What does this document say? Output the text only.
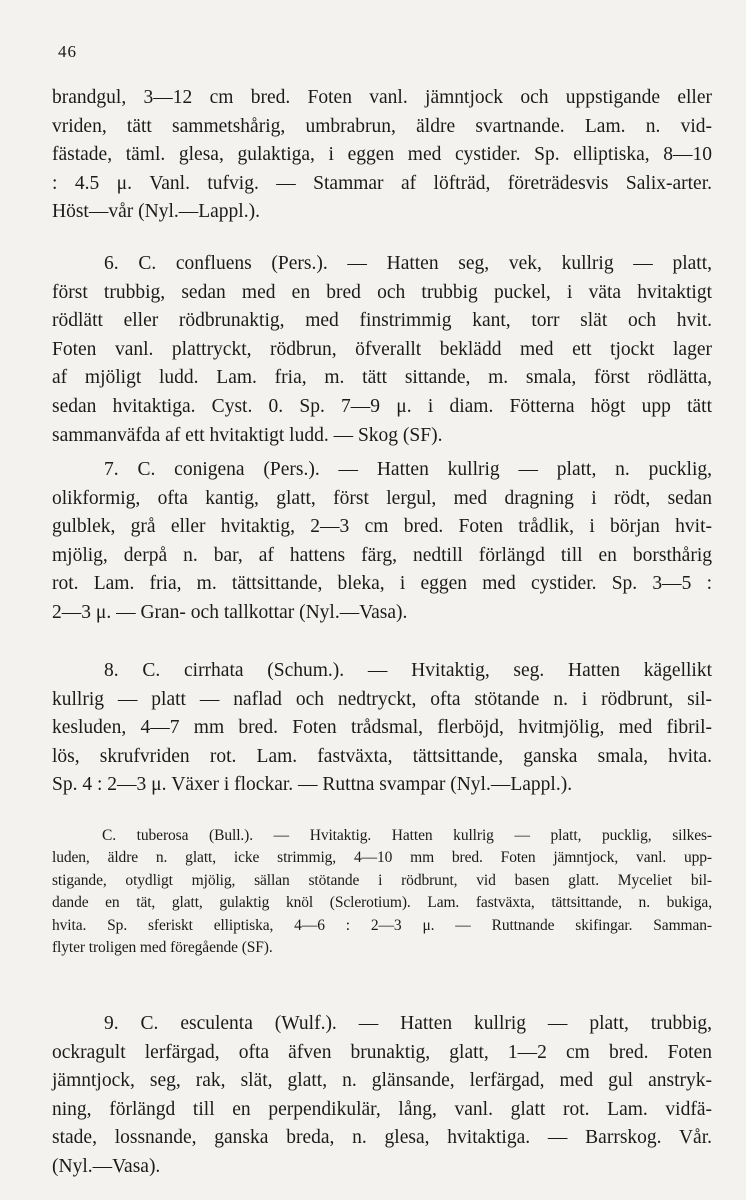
46
brandgul, 3—12 cm bred. Foten vanl. jämntjock och uppstigande eller
vriden, tätt sammetshårig, umbrabrun, äldre svartnande. Lam. n. vid-
fästade, täml. glesa, gulaktiga, i eggen med cystider. Sp. elliptiska, 8—10
: 4.5 μ. Vanl. tufvig. — Stammar af löfträd, företrädesvis Salix-arter.
Höst—vår (Nyl.—Lappl.).
6. C. confluens (Pers.). — Hatten seg, vek, kullrig — platt,
först trubbig, sedan med en bred och trubbig puckel, i väta hvitaktigt
rödlätt eller rödbrunaktig, med finstrimmig kant, torr slät och hvit.
Foten vanl. plattryckt, rödbrun, öfverallt beklädd med ett tjockt lager
af mjöligt ludd. Lam. fria, m. tätt sittande, m. smala, först rödlätta,
sedan hvitaktiga. Cyst. 0. Sp. 7—9 μ. i diam. Fötterna högt upp tätt
sammanväfda af ett hvitaktigt ludd. — Skog (SF).
7. C. conigena (Pers.). — Hatten kullrig — platt, n. pucklig,
olikformig, ofta kantig, glatt, först lergul, med dragning i rödt, sedan
gulblek, grå eller hvitaktig, 2—3 cm bred. Foten trådlik, i början hvit-
mjölig, derpå n. bar, af hattens färg, nedtill förlängd till en borsthårig
rot. Lam. fria, m. tättsittande, bleka, i eggen med cystider. Sp. 3—5 :
2—3 μ. — Gran- och tallkottar (Nyl.—Vasa).
8. C. cirrhata (Schum.). — Hvitaktig, seg. Hatten kägellikt
kullrig — platt — naflad och nedtryckt, ofta stötande n. i rödbrunt, sil-
kesluden, 4—7 mm bred. Foten trådsmal, flerböjd, hvitmjölig, med fibril-
lös, skrufvriden rot. Lam. fastväxta, tättsittande, ganska smala, hvita.
Sp. 4 : 2—3 μ. Växer i flockar. — Ruttna svampar (Nyl.—Lappl.).
C. tuberosa (Bull.). — Hvitaktig. Hatten kullrig — platt, pucklig, silkes-
luden, äldre n. glatt, icke strimmig, 4—10 mm bred. Foten jämntjock, vanl. upp-
stigande, otydligt mjölig, sällan stötande i rödbrunt, vid basen glatt. Myceliet bil-
dande en tät, glatt, gulaktig knöl (Sclerotium). Lam. fastväxta, tättsittande, n. bukiga,
hvita. Sp. sferiskt elliptiska, 4—6 : 2—3 μ. — Ruttnande skifingar. Samman-
flyter troligen med föregående (SF).
9. C. esculenta (Wulf.). — Hatten kullrig — platt, trubbig,
ockragult lerfärgad, ofta äfven brunaktig, glatt, 1—2 cm bred. Foten
jämntjock, seg, rak, slät, glatt, n. glänsande, lerfärgad, med gul anstryk-
ning, förlängd till en perpendikulär, lång, vanl. glatt rot. Lam. vidfä-
stade, lossnande, ganska breda, n. glesa, hvitaktiga. — Barrskog. Vår.
(Nyl.—Vasa).
